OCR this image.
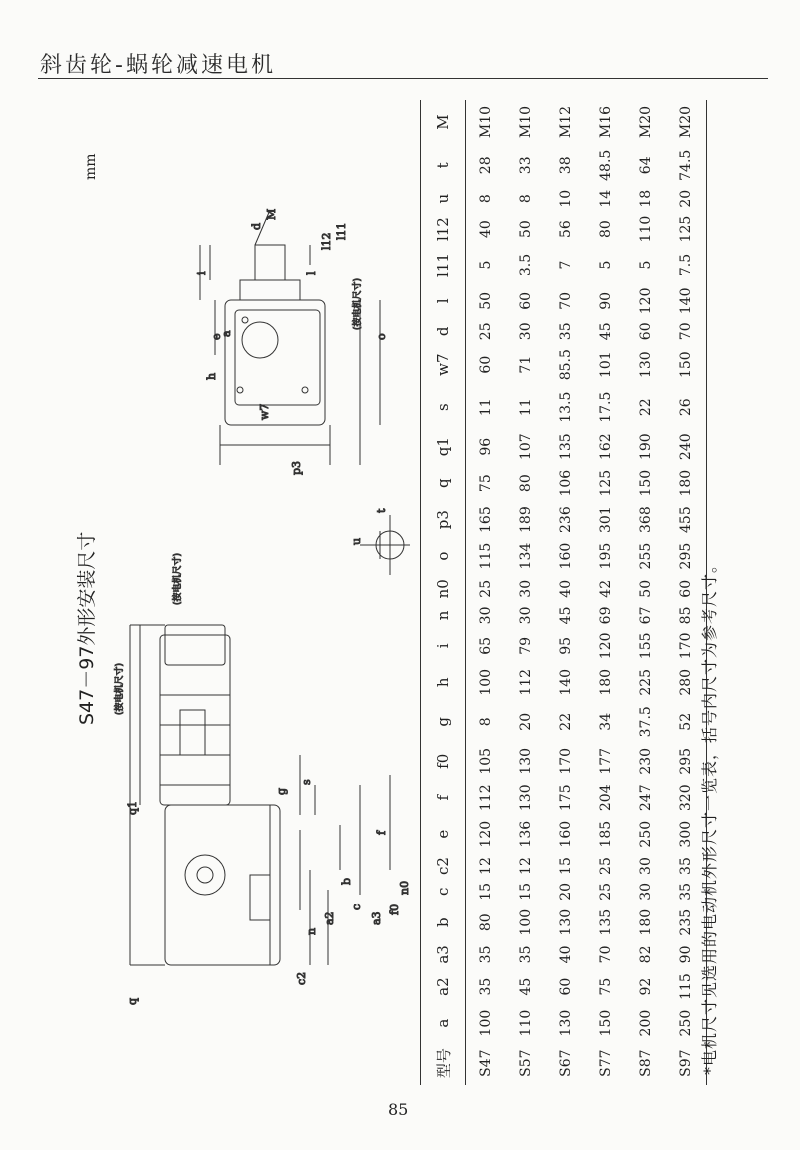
斜齿轮-蜗轮减速电机
S47－97外形安装尺寸
mm
q
q1
n
a2
b
f
c2
s
g
a3
c f0
n0
(按电机尺寸)
(按电机尺寸)
u
t
p3
o
h
i
e
a
w7
l
l12
l11
M
d
(按电机尺寸)
型号	a	a2	a3	b	c	c2	e	f	f0	g	h	i	n	n0	o	p3	q	q1	s	w7	d	l	l11	l12	u	t	M
S47	100	35	35	80	15	12	120	112	105	8	100	65	30	25	115	165	75	96	11	60	25	50	5	40	8	28	M10
S57	110	45	35	100	15	12	136	130	130	20	112	79	30	30	134	189	80	107	11	71	30	60	3.5	50	8	33	M10
S67	130	60	40	130	20	15	160	175	170	22	140	95	45	40	160	236	106	135	13.5	85.5	35	70	7	56	10	38	M12
S77	150	75	70	135	25	25	185	204	177	34	180	120	69	42	195	301	125	162	17.5	101	45	90	5	80	14	48.5	M16
S87	200	92	82	180	30	30	250	247	230	37.5	225	155	67	50	255	368	150	190	22	130	60	120	5	110	18	64	M20
S97	250	115	90	235	35	35	300	320	295	52	280	170	85	60	295	455	180	240	26	150	70	140	7.5	125	20	74.5	M20
*电机尺寸见选用的电动机外形尺寸一览表，括号内尺寸为参考尺寸。
85
